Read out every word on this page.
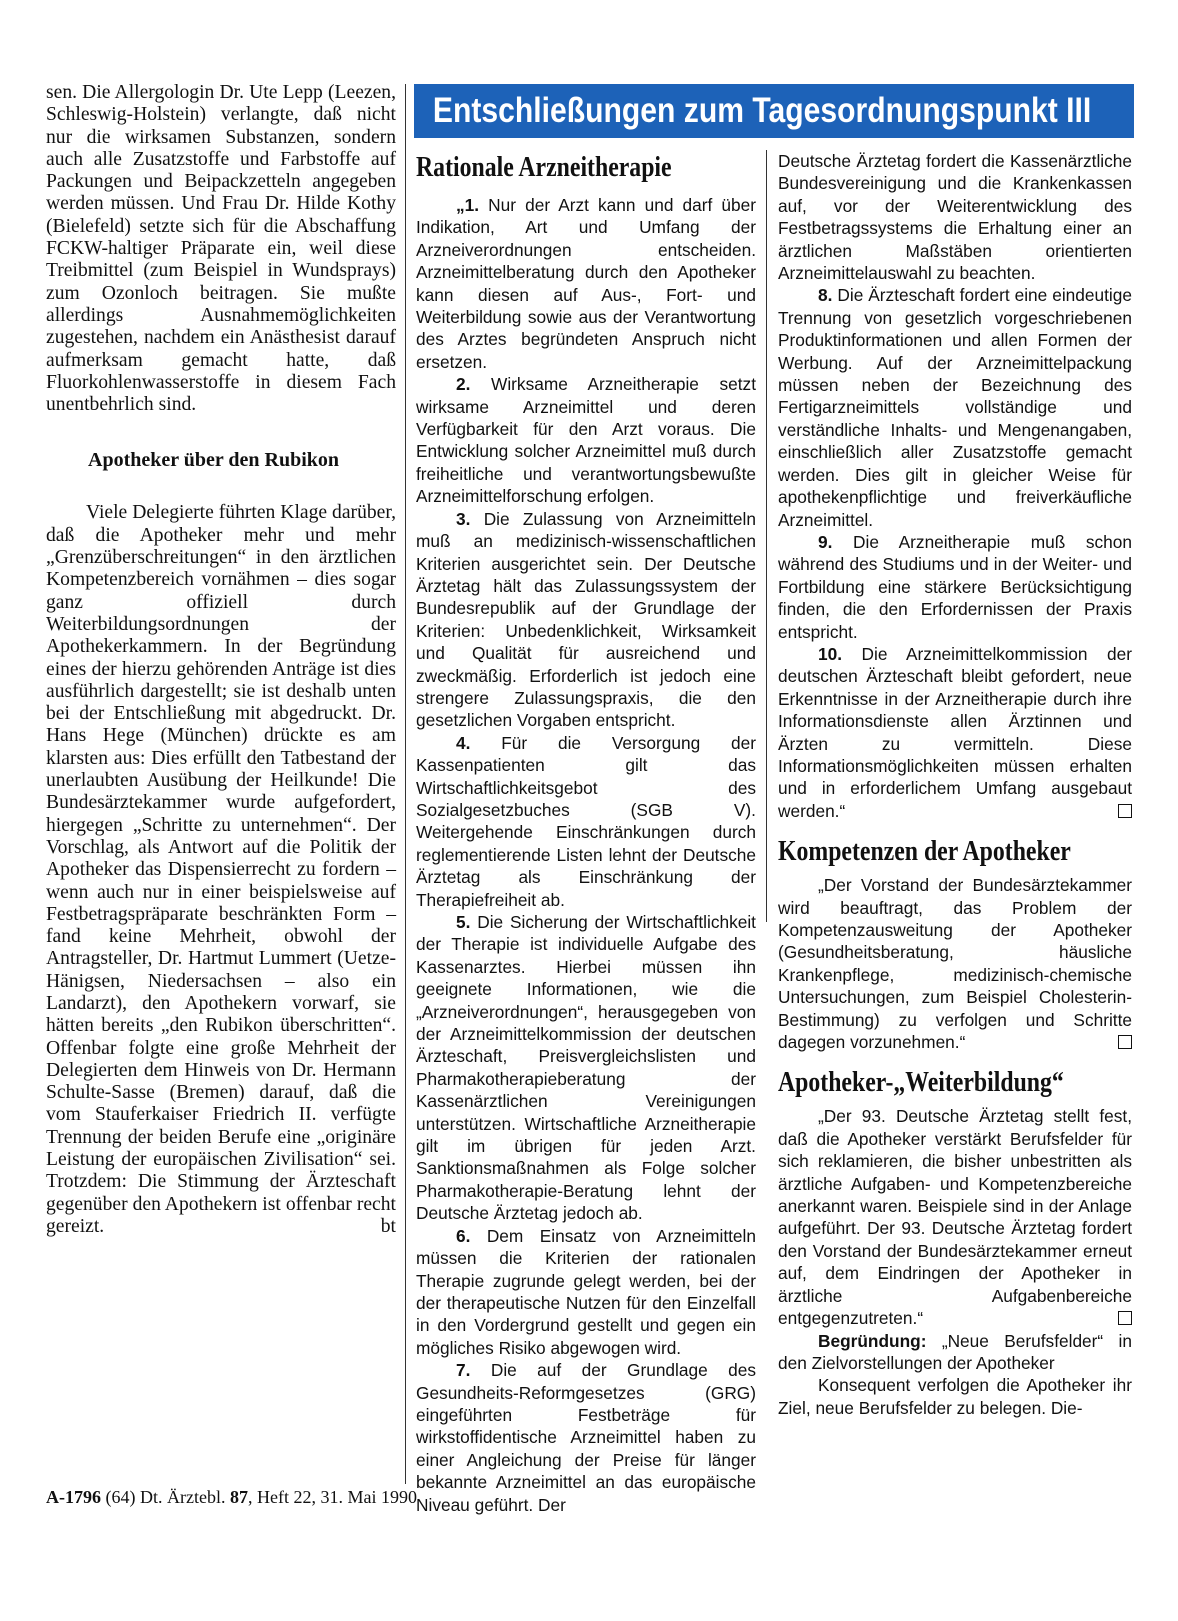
sen. Die Allergologin Dr. Ute Lepp (Leezen, Schleswig-Holstein) verlangte, daß nicht nur die wirksamen Substanzen, sondern auch alle Zusatzstoffe und Farbstoffe auf Packungen und Beipackzetteln angegeben werden müssen. Und Frau Dr. Hilde Kothy (Bielefeld) setzte sich für die Abschaffung FCKW-haltiger Präparate ein, weil diese Treibmittel (zum Beispiel in Wundsprays) zum Ozonloch beitragen. Sie mußte allerdings Ausnahmemöglichkeiten zugestehen, nachdem ein Anästhesist darauf aufmerksam gemacht hatte, daß Fluorkohlenwasserstoffe in diesem Fach unentbehrlich sind.

Apotheker über den Rubikon

Viele Delegierte führten Klage darüber, daß die Apotheker mehr und mehr „Grenzüberschreitungen“ in den ärztlichen Kompetenzbereich vornähmen – dies sogar ganz offiziell durch Weiterbildungsordnungen der Apothekerkammern. In der Begründung eines der hierzu gehörenden Anträge ist dies ausführlich dargestellt; sie ist deshalb unten bei der Entschließung mit abgedruckt. Dr. Hans Hege (München) drückte es am klarsten aus: Dies erfüllt den Tatbestand der unerlaubten Ausübung der Heilkunde! Die Bundesärztekammer wurde aufgefordert, hiergegen „Schritte zu unternehmen“. Der Vorschlag, als Antwort auf die Politik der Apotheker das Dispensierrecht zu fordern – wenn auch nur in einer beispielsweise auf Festbetragspräparate beschränkten Form – fand keine Mehrheit, obwohl der Antragsteller, Dr. Hartmut Lummert (Uetze-Hänigsen, Niedersachsen – also ein Landarzt), den Apothekern vorwarf, sie hätten bereits „den Rubikon überschritten“. Offenbar folgte eine große Mehrheit der Delegierten dem Hinweis von Dr. Hermann Schulte-Sasse (Bremen) darauf, daß die vom Stauferkaiser Friedrich II. verfügte Trennung der beiden Berufe eine „originäre Leistung der europäischen Zivilisation“ sei. Trotzdem: Die Stimmung der Ärzteschaft gegenüber den Apothekern ist offenbar recht gereizt.	bt

Entschließungen zum Tagesordnungspunkt III
Rationale Arzneitherapie

„1. Nur der Arzt kann und darf über Indikation, Art und Umfang der Arzneiverordnungen entscheiden. Arzneimittelberatung durch den Apotheker kann diesen auf Aus-, Fort- und Weiterbildung sowie aus der Verantwortung des Arztes begründeten Anspruch nicht ersetzen.

2. Wirksame Arzneitherapie setzt wirksame Arzneimittel und deren Verfügbarkeit für den Arzt voraus. Die Entwicklung solcher Arzneimittel muß durch freiheitliche und verantwortungsbewußte Arzneimittelforschung erfolgen.

3. Die Zulassung von Arzneimitteln muß an medizinisch-wissenschaftlichen Kriterien ausgerichtet sein. Der Deutsche Ärztetag hält das Zulassungssystem der Bundesrepublik auf der Grundlage der Kriterien: Unbedenklichkeit, Wirksamkeit und Qualität für ausreichend und zweckmäßig. Erforderlich ist jedoch eine strengere Zulassungspraxis, die den gesetzlichen Vorgaben entspricht.

4. Für die Versorgung der Kassenpatienten gilt das Wirtschaftlichkeitsgebot des Sozialgesetzbuches (SGB V). Weitergehende Einschränkungen durch reglementierende Listen lehnt der Deutsche Ärztetag als Einschränkung der Therapiefreiheit ab.

5. Die Sicherung der Wirtschaftlichkeit der Therapie ist individuelle Aufgabe des Kassenarztes. Hierbei müssen ihn geeignete Informationen, wie die „Arzneiverordnungen“, herausgegeben von der Arzneimittelkommission der deutschen Ärzteschaft, Preisvergleichslisten und Pharmakotherapieberatung der Kassenärztlichen Vereinigungen unterstützen. Wirtschaftliche Arzneitherapie gilt im übrigen für jeden Arzt. Sanktionsmaßnahmen als Folge solcher Pharmakotherapie-Beratung lehnt der Deutsche Ärztetag jedoch ab.

6. Dem Einsatz von Arzneimitteln müssen die Kriterien der rationalen Therapie zugrunde gelegt werden, bei der der therapeutische Nutzen für den Einzelfall in den Vordergrund gestellt und gegen ein mögliches Risiko abgewogen wird.

7. Die auf der Grundlage des Gesundheits-Reformgesetzes (GRG) eingeführten Festbeträge für wirkstoffidentische Arzneimittel haben zu einer Angleichung der Preise für länger bekannte Arzneimittel an das europäische Niveau geführt. Der

Deutsche Ärztetag fordert die Kassenärztliche Bundesvereinigung und die Krankenkassen auf, vor der Weiterentwicklung des Festbetragssystems die Erhaltung einer an ärztlichen Maßstäben orientierten Arzneimittelauswahl zu beachten.

8. Die Ärzteschaft fordert eine eindeutige Trennung von gesetzlich vorgeschriebenen Produktinformationen und allen Formen der Werbung. Auf der Arzneimittelpackung müssen neben der Bezeichnung des Fertigarzneimittels vollständige und verständliche Inhalts- und Mengenangaben, einschließlich aller Zusatzstoffe gemacht werden. Dies gilt in gleicher Weise für apothekenpflichtige und freiverkäufliche Arzneimittel.

9. Die Arzneitherapie muß schon während des Studiums und in der Weiter- und Fortbildung eine stärkere Berücksichtigung finden, die den Erfordernissen der Praxis entspricht.

10. Die Arzneimittelkommission der deutschen Ärzteschaft bleibt gefordert, neue Erkenntnisse in der Arzneitherapie durch ihre Informationsdienste allen Ärztinnen und Ärzten zu vermitteln. Diese Informationsmöglichkeiten müssen erhalten und in erforderlichem Umfang ausgebaut werden.“

Kompetenzen der Apotheker

„Der Vorstand der Bundesärztekammer wird beauftragt, das Problem der Kompetenzausweitung der Apotheker (Gesundheitsberatung, häusliche Krankenpflege, medizinisch-chemische Untersuchungen, zum Beispiel Cholesterin-Bestimmung) zu verfolgen und Schritte dagegen vorzunehmen.“

Apotheker-„Weiterbildung“

„Der 93. Deutsche Ärztetag stellt fest, daß die Apotheker verstärkt Berufsfelder für sich reklamieren, die bisher unbestritten als ärztliche Aufgaben- und Kompetenzbereiche anerkannt waren. Beispiele sind in der Anlage aufgeführt. Der 93. Deutsche Ärztetag fordert den Vorstand der Bundesärztekammer erneut auf, dem Eindringen der Apotheker in ärztliche Aufgabenbereiche entgegenzutreten.“

Begründung: „Neue Berufsfelder“ in den Zielvorstellungen der Apotheker

Konsequent verfolgen die Apotheker ihr Ziel, neue Berufsfelder zu belegen. Die-

A-1796 (64) Dt. Ärztebl. 87, Heft 22, 31. Mai 1990
